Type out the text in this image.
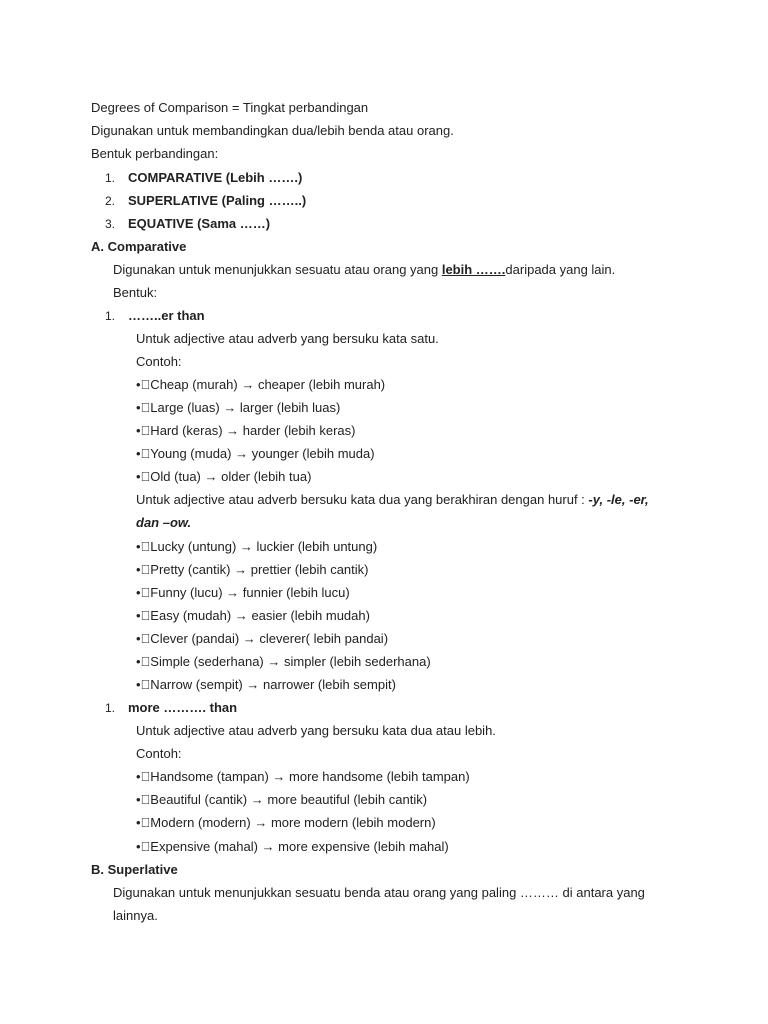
Degrees of Comparison = Tingkat perbandingan
Digunakan untuk membandingkan dua/lebih benda atau orang.
Bentuk perbandingan:
1. COMPARATIVE (Lebih …….)
2. SUPERLATIVE (Paling ……..)
3. EQUATIVE (Sama ……)
A. Comparative
Digunakan untuk menunjukkan sesuatu atau orang yang lebih …….daripada yang lain.
Bentuk:
1. ……..er than
Untuk adjective atau adverb yang bersuku kata satu.
Contoh:
• Cheap (murah) → cheaper (lebih murah)
• Large (luas) → larger (lebih luas)
• Hard (keras) → harder (lebih keras)
• Young (muda) → younger (lebih muda)
• Old (tua) → older (lebih tua)
Untuk adjective atau adverb bersuku kata dua yang berakhiran dengan huruf : -y, -le, -er,
dan –ow.
• Lucky (untung) → luckier (lebih untung)
• Pretty (cantik) → prettier (lebih cantik)
• Funny (lucu) → funnier (lebih lucu)
• Easy (mudah) → easier (lebih mudah)
• Clever (pandai) → cleverer( lebih pandai)
• Simple (sederhana) → simpler (lebih sederhana)
• Narrow (sempit) → narrower (lebih sempit)
1. more ………. than
Untuk adjective atau adverb yang bersuku kata dua atau lebih.
Contoh:
• Handsome (tampan) → more handsome (lebih tampan)
• Beautiful (cantik) → more beautiful (lebih cantik)
• Modern (modern) → more modern (lebih modern)
• Expensive (mahal) → more expensive (lebih mahal)
B. Superlative
Digunakan untuk menunjukkan sesuatu benda atau orang yang paling ……… di antara yang
lainnya.
